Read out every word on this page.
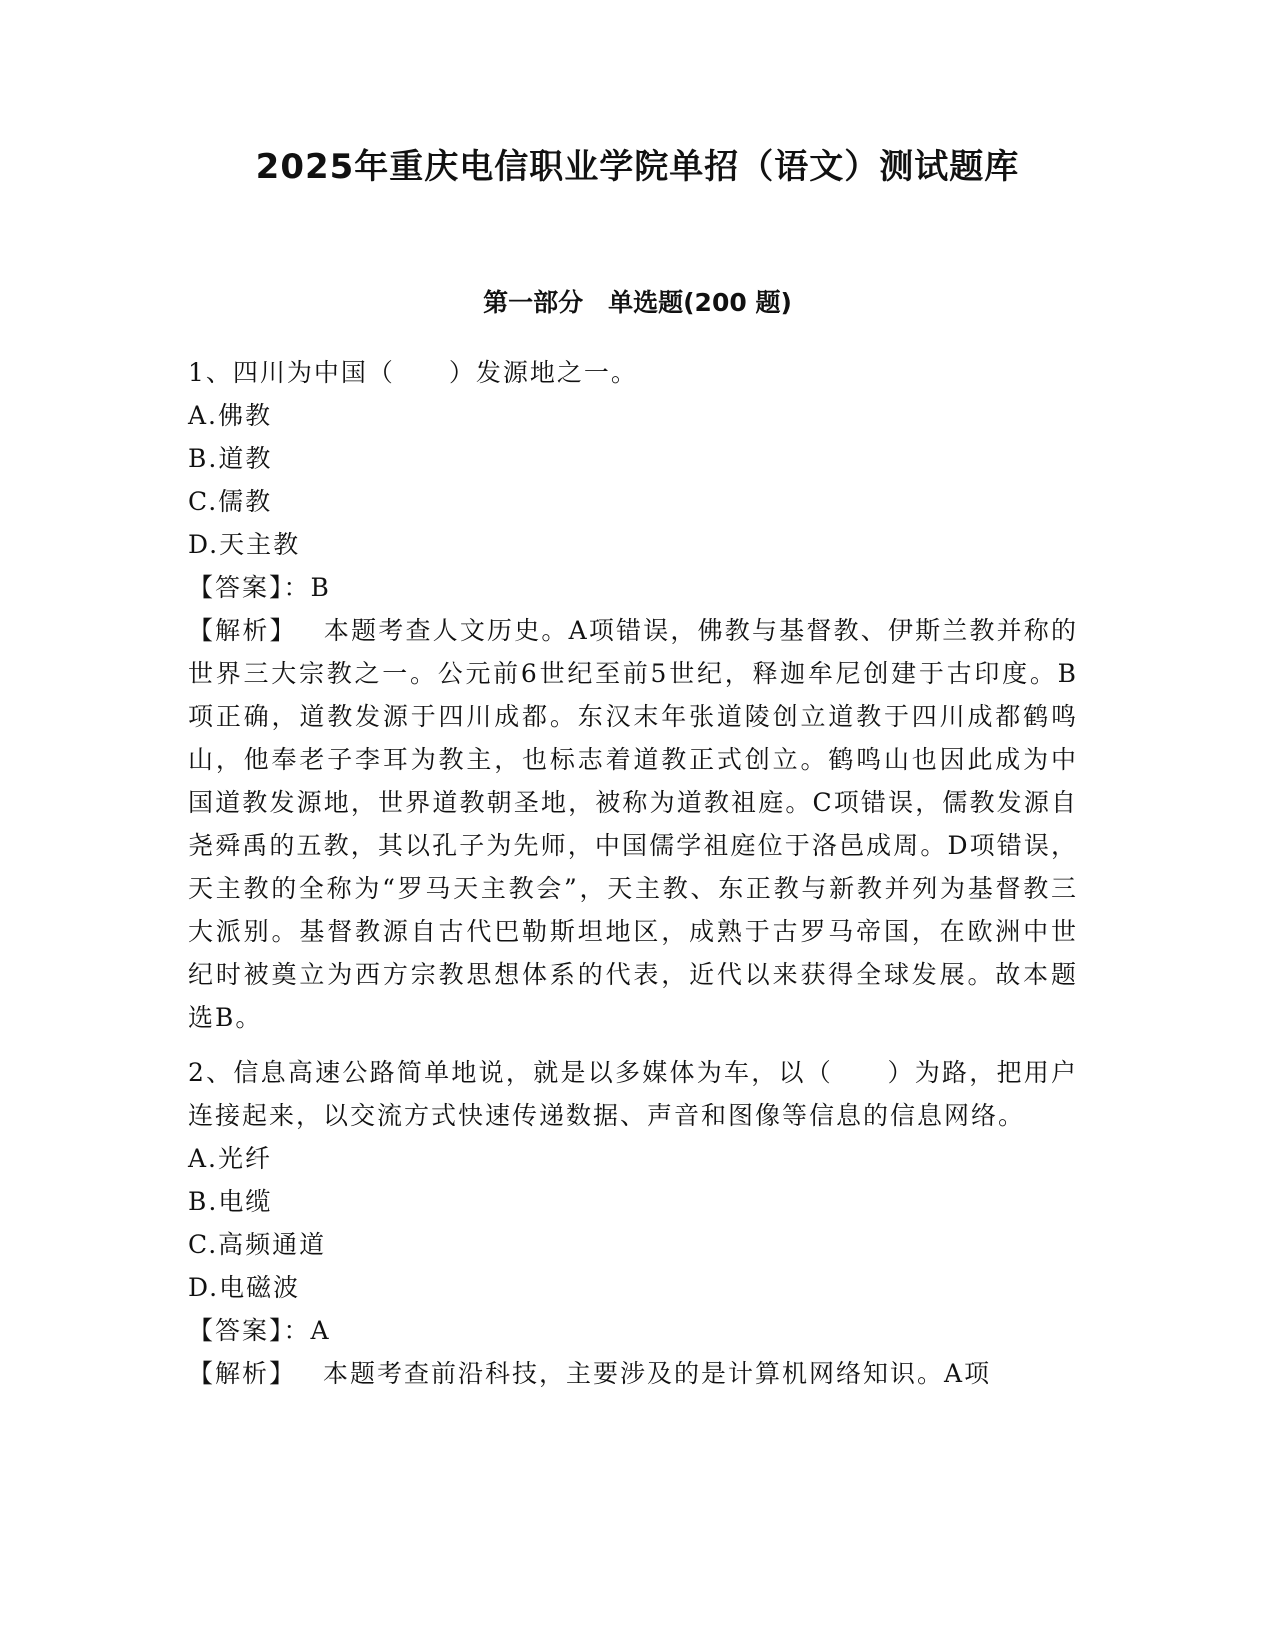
2025年重庆电信职业学院单招（语文）测试题库
第一部分　单选题(200 题)
1、四川为中国（　　）发源地之一。
A.佛教
B.道教
C.儒教
D.天主教
【答案】：B
【解析】  本题考查人文历史。A项错误，佛教与基督教、伊斯兰教并称的世界三大宗教之一。公元前6世纪至前5世纪，释迦牟尼创建于古印度。B项正确，道教发源于四川成都。东汉末年张道陵创立道教于四川成都鹤鸣山，他奉老子李耳为教主，也标志着道教正式创立。鹤鸣山也因此成为中国道教发源地，世界道教朝圣地，被称为道教祖庭。C项错误，儒教发源自尧舜禹的五教，其以孔子为先师，中国儒学祖庭位于洛邑成周。D项错误，天主教的全称为“罗马天主教会”，天主教、东正教与新教并列为基督教三大派别。基督教源自古代巴勒斯坦地区，成熟于古罗马帝国，在欧洲中世纪时被奠立为西方宗教思想体系的代表，近代以来获得全球发展。故本题选B。
2、信息高速公路简单地说，就是以多媒体为车，以（　　）为路，把用户连接起来，以交流方式快速传递数据、声音和图像等信息的信息网络。
A.光纤
B.电缆
C.高频通道
D.电磁波
【答案】：A
【解析】  本题考查前沿科技，主要涉及的是计算机网络知识。A项
